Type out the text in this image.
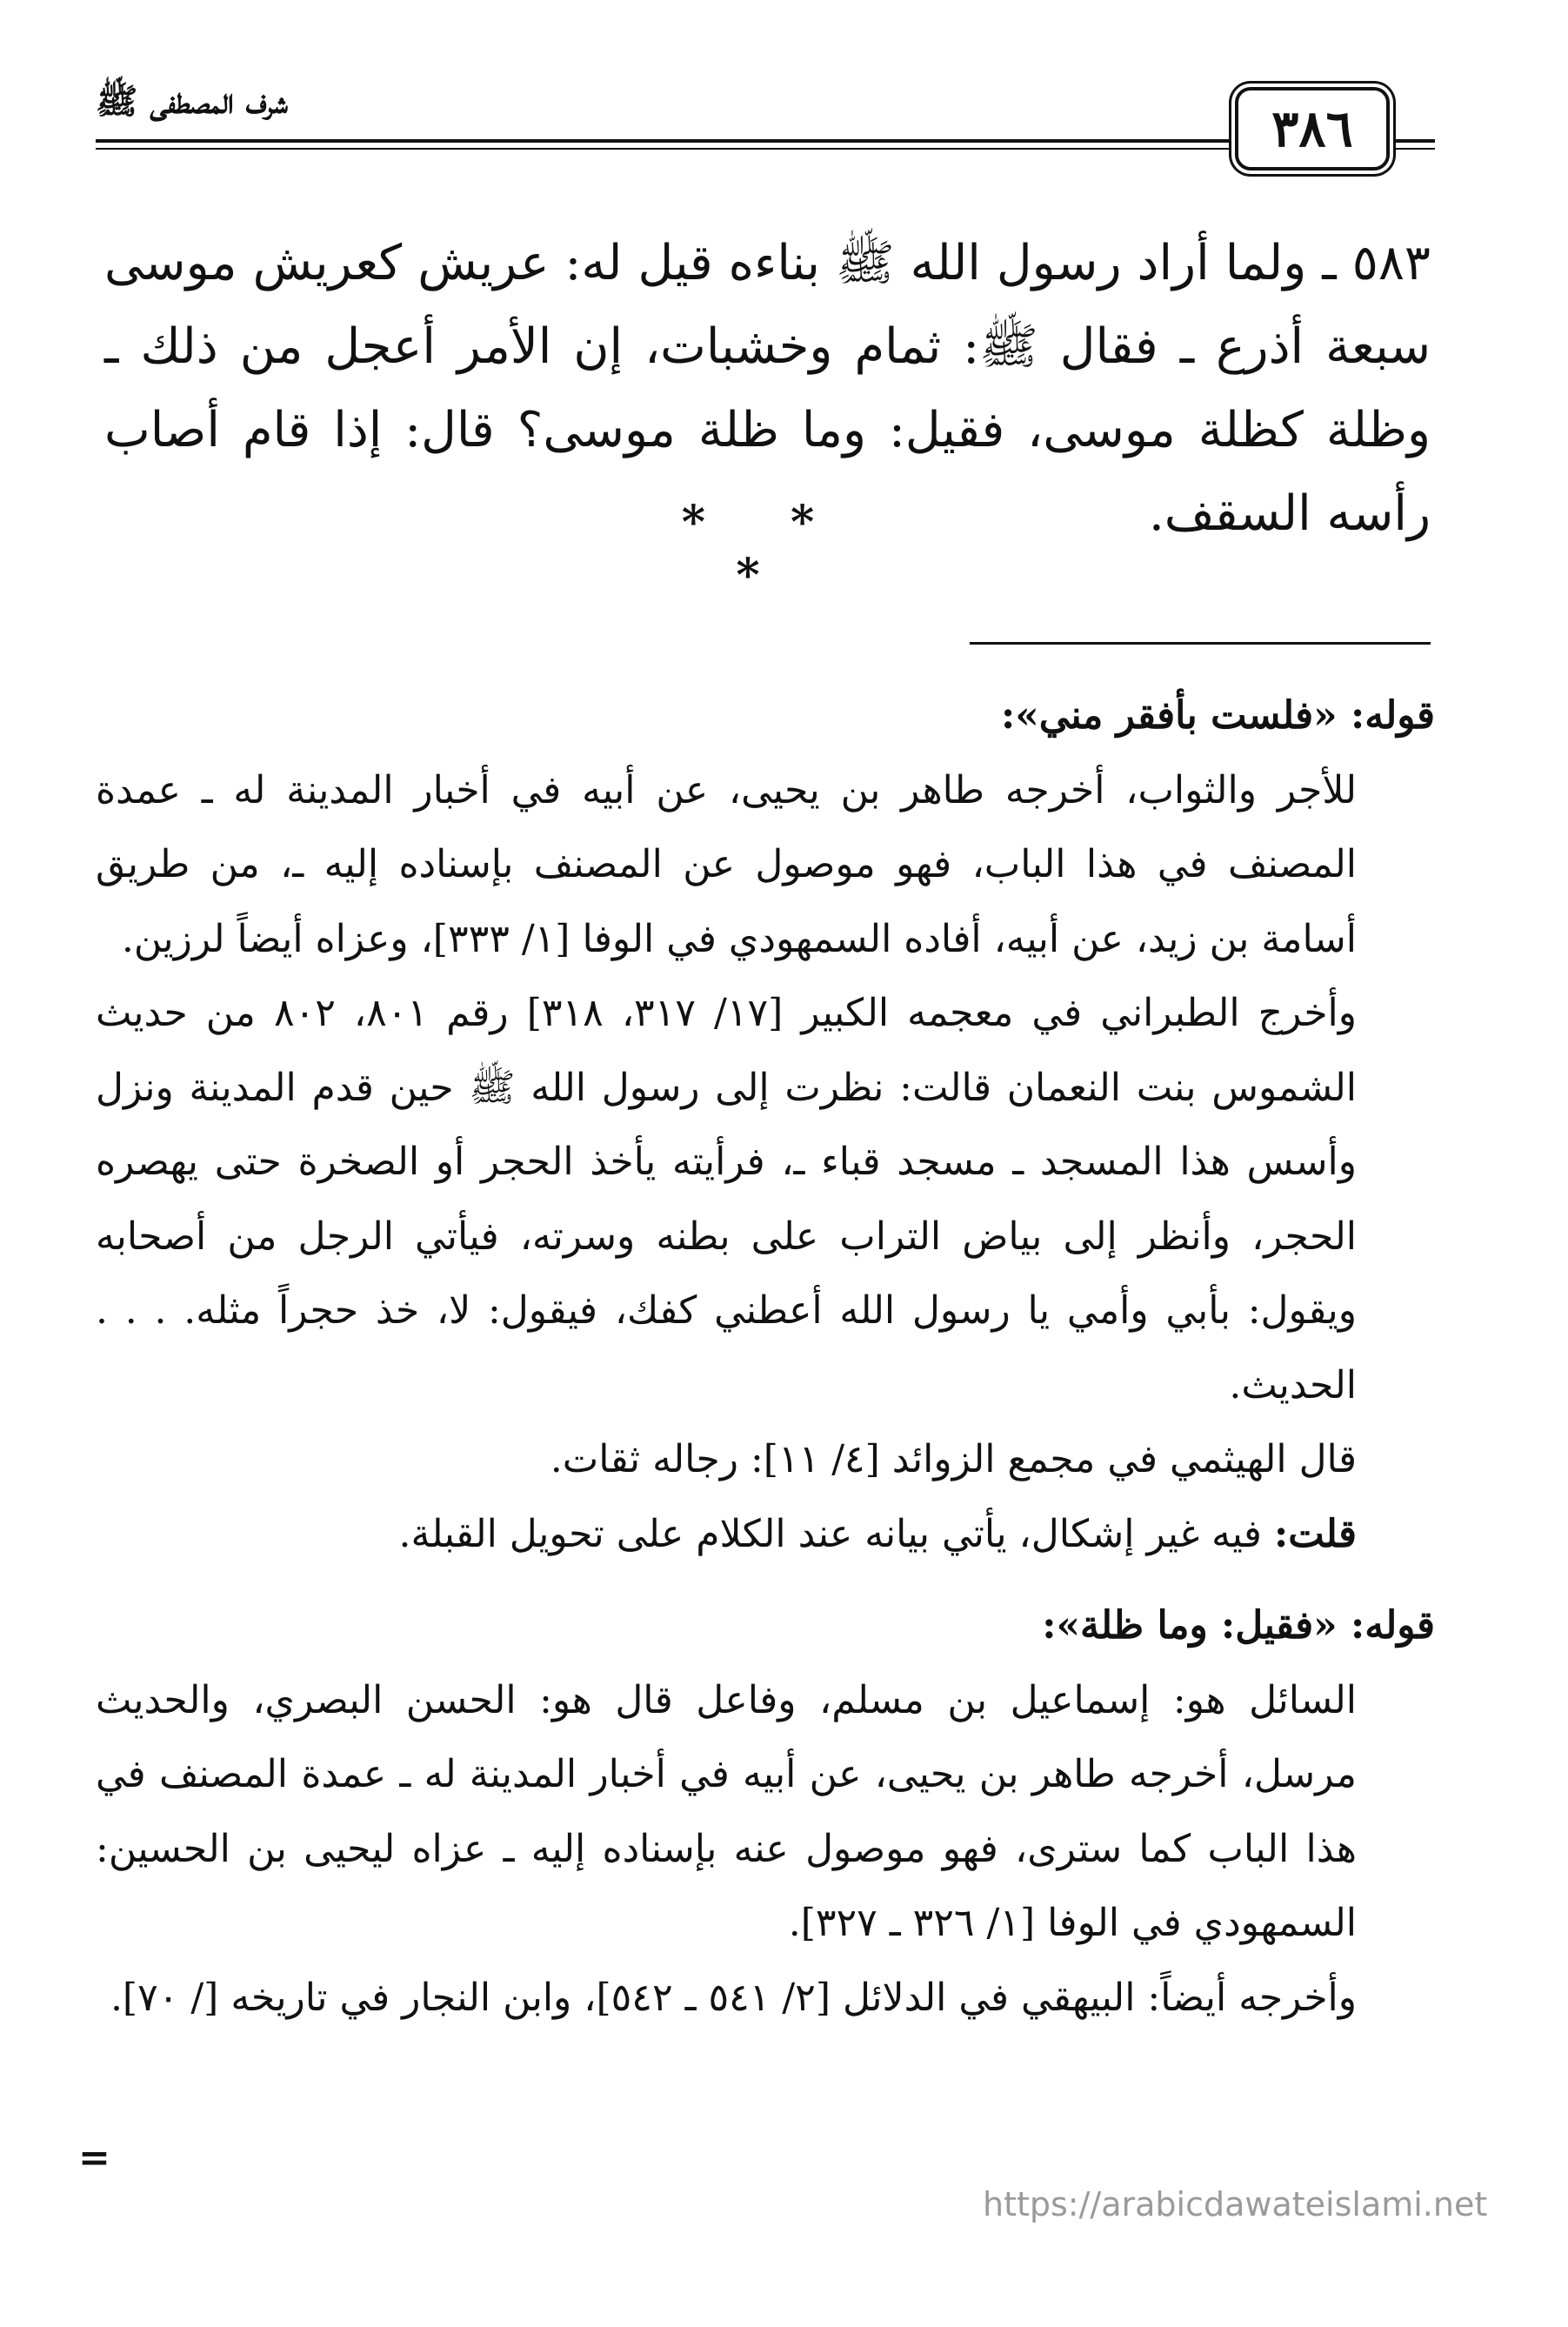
شرف المصطفى ﷺ	٣٨٦

٥٨٣ ـ ولما أراد رسول الله ﷺ بناءه قيل له: عريش كعريش موسى سبعة أذرع ـ فقال ﷺ: ثمام وخشبات، إن الأمر أعجل من ذلك ـ وظلة كظلة موسى، فقيل: وما ظلة موسى؟ قال: إذا قام أصاب رأسه السقف.

* * *

قوله: «فلست بأفقر مني»:

للأجر والثواب، أخرجه طاهر بن يحيى، عن أبيه في أخبار المدينة له ـ عمدة المصنف في هذا الباب، فهو موصول عن المصنف بإسناده إليه ـ، من طريق أسامة بن زيد، عن أبيه، أفاده السمهودي في الوفا [١/ ٣٣٣]، وعزاه أيضاً لرزين.

وأخرج الطبراني في معجمه الكبير [١٧/ ٣١٧، ٣١٨] رقم ٨٠١، ٨٠٢ من حديث الشموس بنت النعمان قالت: نظرت إلى رسول الله ﷺ حين قدم المدينة ونزل وأسس هذا المسجد ـ مسجد قباء ـ، فرأيته يأخذ الحجر أو الصخرة حتى يهصره الحجر، وأنظر إلى بياض التراب على بطنه وسرته، فيأتي الرجل من أصحابه ويقول: بأبي وأمي يا رسول الله أعطني كفك، فيقول: لا، خذ حجراً مثله. . . . الحديث.

قال الهيثمي في مجمع الزوائد [٤/ ١١]: رجاله ثقات.

قلت: فيه غير إشكال، يأتي بيانه عند الكلام على تحويل القبلة.

قوله: «فقيل: وما ظلة»:

السائل هو: إسماعيل بن مسلم، وفاعل قال هو: الحسن البصري، والحديث مرسل، أخرجه طاهر بن يحيى، عن أبيه في أخبار المدينة له ـ عمدة المصنف في هذا الباب كما سترى، فهو موصول عنه بإسناده إليه ـ عزاه ليحيى بن الحسين: السمهودي في الوفا [١/ ٣٢٦ ـ ٣٢٧].

وأخرجه أيضاً: البيهقي في الدلائل [٢/ ٥٤١ ـ ٥٤٢]، وابن النجار في تاريخه [/ ٧٠].

=
https://arabicdawateislami.net
